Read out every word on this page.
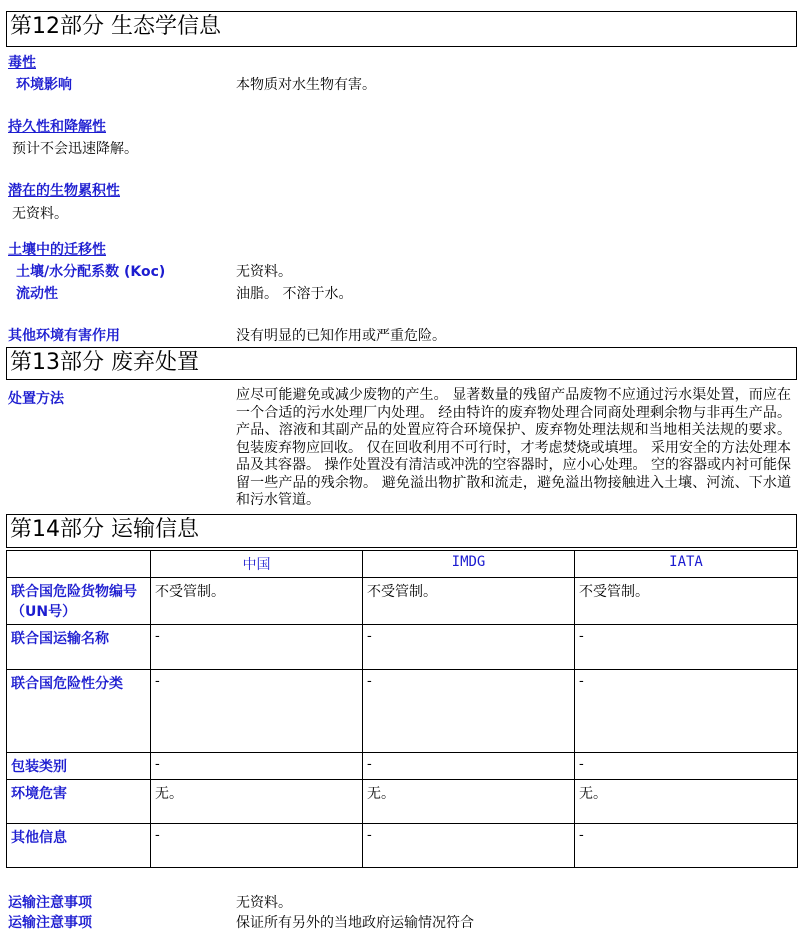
第12部分 生态学信息
毒性
环境影响	本物质对水生物有害。
持久性和降解性
预计不会迅速降解。
潜在的生物累积性
无资料。
土壤中的迁移性
土壤/水分配系数 (Koc)	无资料。
流动性	油脂。 不溶于水。
其他环境有害作用	没有明显的已知作用或严重危险。
第13部分 废弃处置
处置方法	应尽可能避免或减少废物的产生。 显著数量的残留产品废物不应通过污水渠处置，而应在一个合适的污水处理厂内处理。 经由特许的废弃物处理合同商处理剩余物与非再生产品。 产品、溶液和其副产品的处置应符合环境保护、废弃物处理法规和当地相关法规的要求。 包装废弃物应回收。 仅在回收利用不可行时，才考虑焚烧或填埋。 采用安全的方法处理本品及其容器。 操作处置没有清洁或冲洗的空容器时，应小心处理。 空的容器或内衬可能保留一些产品的残余物。 避免溢出物扩散和流走，避免溢出物接触进入土壤、河流、下水道和污水管道。
第14部分 运输信息
	中国	IMDG	IATA
联合国危险货物编号（UN号）	不受管制。	不受管制。	不受管制。
联合国运输名称	-	-	-
联合国危险性分类	-	-	-
包装类别	-	-	-
环境危害	无。	无。	无。
其他信息	-	-	-
运输注意事项	无资料。
运输注意事项	保证所有另外的当地政府运输情况符合
